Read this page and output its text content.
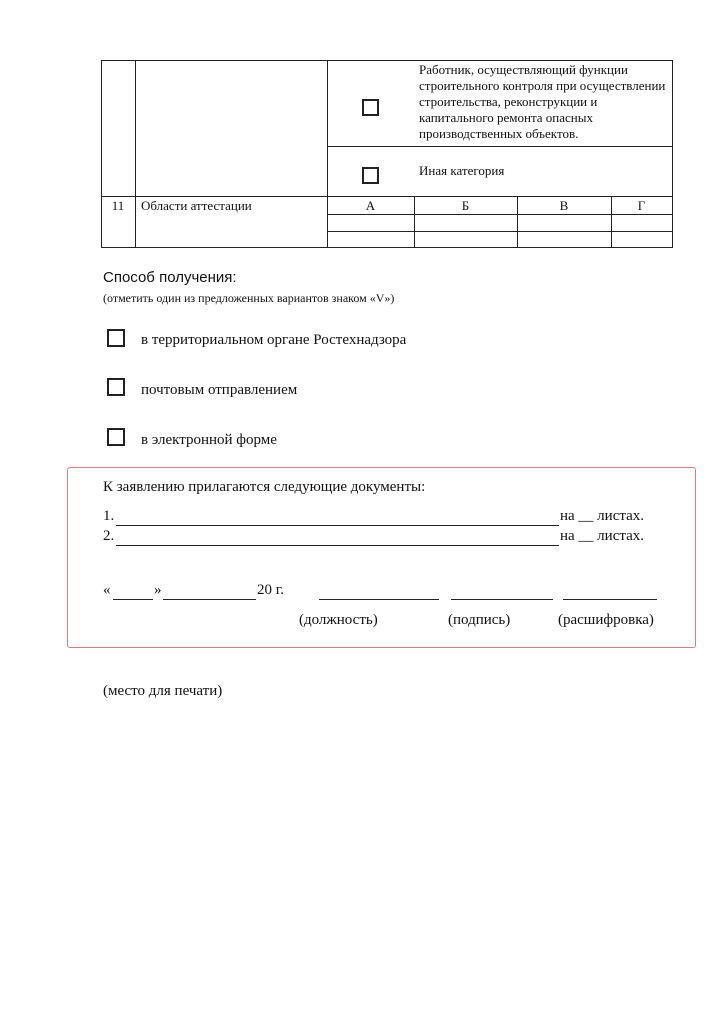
Работник, осуществляющий функции строительного контроля при осуществлении строительства, реконструкции и капитального ремонта опасных производственных объектов.
Иная категория
11	Области аттестации	А	Б	В	Г
Способ получения:
(отметить один из предложенных вариантов знаком «V»)
в территориальном органе Ростехнадзора
почтовым отправлением
в электронной форме
К заявлению прилагаются следующие документы:
1.	на __ листах.
2.	на __ листах.
«	»	20 г.
(должность)	(подпись)	(расшифровка)
(место для печати)
